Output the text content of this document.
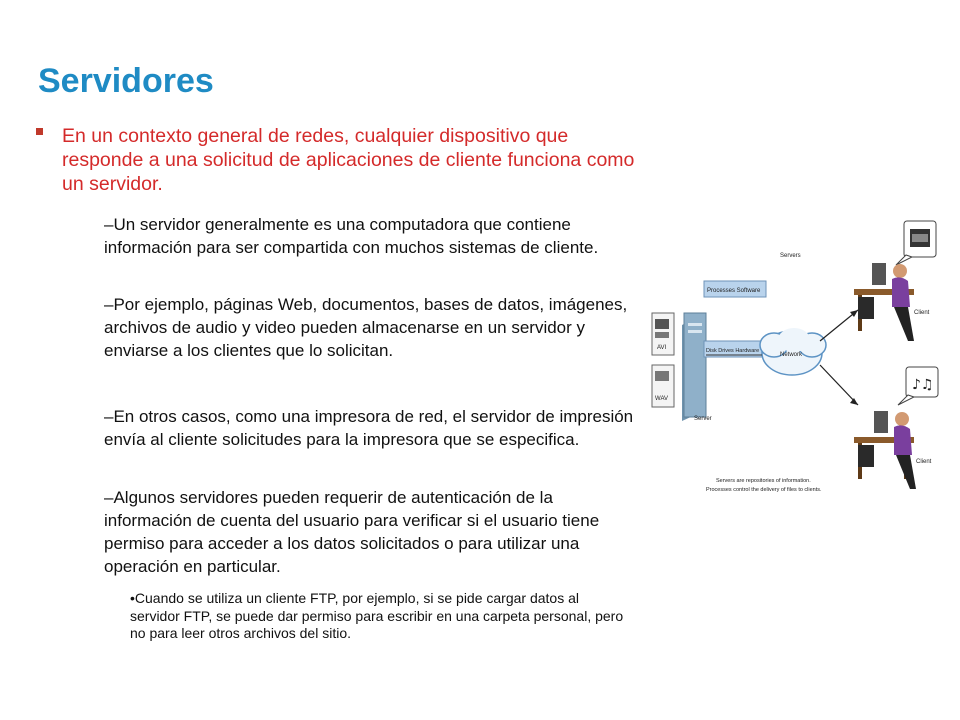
Servidores
En un contexto general de redes, cualquier dispositivo que responde a una solicitud de aplicaciones de cliente funciona como un servidor.
–Un servidor generalmente es una computadora que contiene información para ser compartida con muchos sistemas de cliente.
–Por ejemplo, páginas Web, documentos, bases de datos, imágenes, archivos de audio y video pueden almacenarse en un servidor y enviarse a los clientes que lo solicitan.
–En otros casos, como una impresora de red, el servidor de impresión envía al cliente solicitudes para la impresora que se especifica.
–Algunos servidores pueden requerir de autenticación de la información de cuenta del usuario para verificar si el usuario tiene permiso para acceder a los datos solicitados o para utilizar una operación en particular.
•Cuando se utiliza un cliente FTP, por ejemplo, si se pide cargar datos al servidor FTP, se puede dar permiso para escribir en una carpeta personal, pero no para leer otros archivos del sitio.
AVI
WAV
Processes Software
Server
Disk Drives Hardware
Network
Servers
Client
♪♫
Client
Servers are repositories of information.
Processes control the delivery of files to clients.
